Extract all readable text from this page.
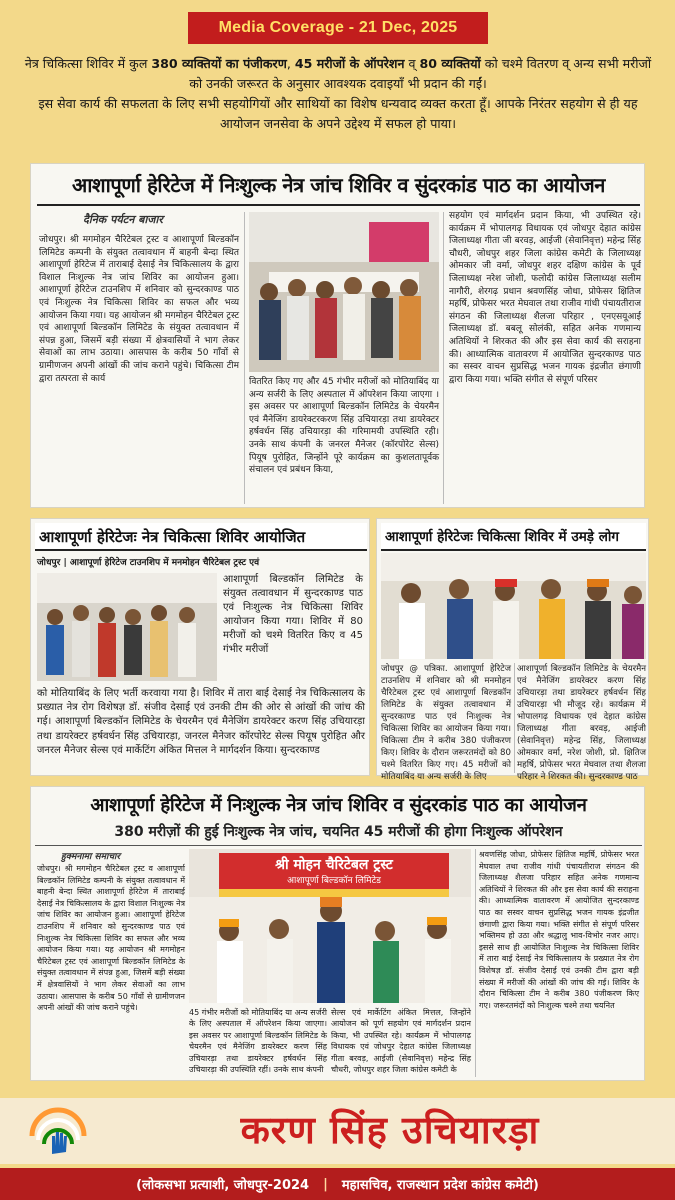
Media Coverage - 21 Dec, 2025
नेत्र चिकित्सा शिविर में कुल 380 व्यक्तियों का पंजीकरण, 45 मरीजों के ऑपरेशन व् 80 व्यक्तियों को चश्मे वितरण व् अन्य सभी मरीजों को उनकी जरूरत के अनुसार आवश्यक दवाइयाँ भी प्रदान की गईं।
इस सेवा कार्य की सफलता के लिए सभी सहयोगियों और साथियों का विशेष धन्यवाद व्यक्त करता हूँ। आपके निरंतर सहयोग से ही यह आयोजन जनसेवा के अपने उद्देश्य में सफल हो पाया।
आशापूर्णा हेरिटेज में निःशुल्क नेत्र जांच शिविर व सुंदरकांड पाठ का आयोजन
दैनिक पर्यटन बाजार
जोधपुर। श्री मगमोहन चैरिटेबल ट्रस्ट व आशापूर्णा बिल्डकॉन लिमिटेड कम्पनी के संयुक्त तत्वावधान में बाहनी बेन्दा स्थित आशापूर्णा हेरिटेज में ताराबाई देसाई नेत्र चिकित्सालय के द्वारा विशाल निःशुल्क नेत्र जांच शिविर का आयोजन हुआ। आशापूर्णा हेरिटेज टाउनशिप में शनिवार को सुन्दरकाण्ड पाठ एवं निःशुल्क नेत्र चिकित्सा शिविर का सफल और भव्य आयोजन किया गया। यह आयोजन श्री मगमोहन चैरिटेबल ट्रस्ट एवं आशापूर्णा बिल्डकॉन लिमिटेड के संयुक्त तत्वावधान में संपन्न हुआ, जिसमें बड़ी संख्या में क्षेत्रवासियों ने भाग लेकर सेवाओं का लाभ उठाया। आसपास के करीब 50 गाँवों से ग्रामीणजन अपनी आंखों की जांच कराने पहुंचे। चिकित्सा टीम द्वारा तत्परता से कार्य	वितरित किए गए और 45 गंभीर मरीजों को मोतियाबिंद या अन्य सर्जरी के लिए अस्पताल में ऑपरेशन किया जाएगा । इस अवसर पर आशापूर्णा बिल्डकॉन लिमिटेड के चेयरमैन एवं मैनेजिंग डायरेक्टरकरण सिंह उचियारड़ा तथा डायरेक्टर हर्षवर्धन सिंह उचियारड़ा की गरिमामयी उपस्थिति रही। उनके साथ कंपनी के जनरल मैनेजर (कॉरपोरेट सेल्स) पियूष पुरोहित, जिन्होंने पूरे कार्यक्रम का कुशलतापूर्वक संचालन एवं प्रबंधन किया,
सहयोग एवं मार्गदर्शन प्रदान किया, भी उपस्थित रहे। कार्यक्रम में भोपालगढ़ विधायक एवं जोधपुर देहात कांग्रेस जिलाध्यक्ष गीता जी बरवड़, आईजी (सेवानिवृत्त) महेन्द्र सिंह चौधरी, जोधपुर शहर जिला कांग्रेस कमेटी के जिलाध्यक्ष ओमकार जी वर्मा, जोधपुर शहर दक्षिण कांग्रेस के पूर्व जिलाध्यक्ष नरेश जोशी, फलोदी कांग्रेस जिलाध्यक्ष सलीम नागौरी, शेरगढ़ प्रधान श्रवणसिंह जोधा, प्रोफेसर क्षितिज महर्षि, प्रोफेसर भरत मेघवाल तथा राजीव गांधी पंचायतीराज संगठन की जिलाध्यक्ष शैलजा परिहार , एनएसयूआई जिलाध्यक्ष डॉ. बबलू सोलंकी, सहित अनेक गणमान्य अतिथियों ने शिरकत की और इस सेवा कार्य की सराहना की। आध्यात्मिक वातावरण में आयोजित सुन्दरकाण्ड पाठ का सस्वर वाचन सुप्रसिद्ध भजन गायक इंद्रजीत छंगाणी द्वारा किया गया। भक्ति संगीत से संपूर्ण परिसर
आशापूर्णा हेरिटेजः नेत्र चिकित्सा शिविर आयोजित
जोधपुर | आशापूर्णा हेरिटेज टाउनशिप में मनमोहन चैरिटेबल ट्रस्ट एवं
आशापूर्णा बिल्डकॉन लिमिटेड के संयुक्त तत्वावधान में सुन्दरकाण्ड पाठ एवं निःशुल्क नेत्र चिकित्सा शिविर आयोजन किया गया। शिविर में 80 मरीजों को चश्मे वितरित किए व 45 गंभीर मरीजों
को मोतियाबिंद के लिए भर्ती करवाया गया है। शिविर में तारा बाई देसाई नेत्र चिकित्सालय के प्रख्यात नेत्र रोग विशेषज्ञ डॉ. संजीव देसाई एवं उनकी टीम की ओर से आंखों की जांच की गई। आशापूर्णा बिल्डकॉन लिमिटेड के चेयरमैन एवं मैनेजिंग डायरेक्टर करण सिंह उचियारड़ा तथा डायरेक्टर हर्षवर्धन सिंह उचियारड़ा, जनरल मैनेजर कॉरपोरेट सेल्स पियूष पुरोहित और जनरल मैनेजर सेल्स एवं मार्केटिंग अंकित मित्तल ने मार्गदर्शन किया। सुन्दरकाण्ड
आशापूर्णा हेरिटेजः चिकित्सा शिविर में उमड़े लोग
जोधपुर @ पत्रिका. आशापूर्णा हेरिटेज टाउनशिप में शनिवार को श्री मनमोहन चैरिटेबल ट्रस्ट एवं आशापूर्णा बिल्डकॉन लिमिटेड के संयुक्त तत्वावधान में सुन्दरकाण्ड पाठ एवं निःशुल्क नेत्र चिकित्सा शिविर का आयोजन किया गया। चिकित्सा टीम ने करीब 380 पंजीकरण किए। शिविर के दौरान जरूरतमंदों को 80 चश्मे वितरित किए गए। 45 मरीजों को मोतियाबिंद या अन्य सर्जरी के लिए
आशापूर्णा बिल्डकॉन लिमिटेड के चेयरमैन एवं मैनेजिंग डायरेक्टर करण सिंह उचियारड़ा तथा डायरेक्टर हर्षवर्धन सिंह उचियारड़ा भी मौजूद रहे। कार्यक्रम में भोपालगढ़ विधायक एवं देहात कांग्रेस जिलाध्यक्ष गीता बरवड़, आईजी (सेवानिवृत्त) महेन्द्र सिंह, जिलाध्यक्ष ओमकार वर्मा, नरेश जोशी, प्रो. क्षितिज महर्षि, प्रोफेसर भरत मेघवाल तथा शैलजा परिहार ने शिरकत की। सुन्दरकाण्ड पाठ
आशापूर्णा हेरिटेज में निःशुल्क नेत्र जांच शिविर व सुंदरकांड पाठ का आयोजन
380 मरीज़ों की हुई निःशुल्क नेत्र जांच, चयनित 45 मरीजों की होगा निःशुल्क ऑपरेशन
हुक्मनामा समाचार
जोधपुर। श्री मगमोहन चैरिटेबल ट्रस्ट व आशापूर्णा बिल्डकॉन लिमिटेड कम्पनी के संयुक्त तत्वावधान में बाहनी बेन्दा स्थित आशापूर्णा हेरिटेज में ताराबाई देसाई नेत्र चिकित्सालय के द्वारा विशाल निःशुल्क नेत्र जांच शिविर का आयोजन हुआ। आशापूर्णा हेरिटेज टाउनशिप में शनिवार को सुन्दरकाण्ड पाठ एवं निःशुल्क नेत्र चिकित्सा शिविर का सफल और भव्य आयोजन किया गया। यह आयोजन श्री मगमोहन चैरिटेबल ट्रस्ट एवं आशापूर्णा बिल्डकॉन लिमिटेड के संयुक्त तत्वावधान में संपन्न हुआ, जिसमें बड़ी संख्या में क्षेत्रवासियों ने भाग लेकर सेवाओं का लाभ उठाया। आसपास के करीब 50 गाँवों से ग्रामीणजन अपनी आंखों की जांच कराने पहुंचे।
श्री मोहन चैरिटेबल ट्रस्ट
आशापूर्णा बिल्डकॉन लिमिटेड
45 गंभीर मरीजों को मोतियाबिंद या अन्य सर्जरी के लिए अस्पताल में ऑपरेशन किया जाएगा। इस अवसर पर आशापूर्णा बिल्डकॉन लिमिटेड के चेयरमैन एवं मैनेजिंग डायरेक्टर करण सिंह उचियारड़ा तथा डायरेक्टर हर्षवर्धन सिंह उचियारड़ा की उपस्थिति रहीं। उनके साथ कंपनी
सेल्स एवं मार्केटिंग अंकित मित्तल, जिन्होंने आयोजन को पूर्ण सहयोग एवं मार्गदर्शन प्रदान किया, भी उपस्थित रहे। कार्यक्रम में भोपालगढ़ विधायक एवं जोधपुर देहात कांग्रेस जिलाध्यक्ष गीता बरवड़, आईजी (सेवानिवृत्त) महेन्द्र सिंह चौधरी, जोधपुर शहर जिला कांग्रेस कमेटी के
श्रवणसिंह जोधा, प्रोफेसर क्षितिज महर्षि, प्रोफेसर भरत मेघवाल तथा राजीव गांधी पंचायतीराज संगठन की जिलाध्यक्ष शैलजा परिहार सहित अनेक गणमान्य अतिथियों ने शिरकत की और इस सेवा कार्य की सराहना की। आध्यात्मिक वातावरण में आयोजित सुन्दरकाण्ड पाठ का सस्वर वाचन सुप्रसिद्ध भजन गायक इंद्रजीत छंगाणी द्वारा किया गया। भक्ति संगीत से संपूर्ण परिसर भक्तिमय हो उठा और श्रद्धालु भाव-विभोर नजर आए। इससे साथ ही आयोजित निःशुल्क नेत्र चिकित्सा शिविर में तारा बाई देसाई नेत्र चिकित्सालय के प्रख्यात नेत्र रोग विशेषज्ञ डॉ. संजीव देसाई एवं उनकी टीम द्वारा बड़ी संख्या में मरीजों की आंखों की जांच की गई। शिविर के दौरान चिकित्सा टीम ने करीब 380 पंजीकरण किए गए। जरूरतमंदों को निःशुल्क चश्मे तथा चयनित
करण सिंह उचियारड़ा
(लोकसभा प्रत्याशी, जोधपुर-2024 | महासचिव, राजस्थान प्रदेश कांग्रेस कमेटी)
